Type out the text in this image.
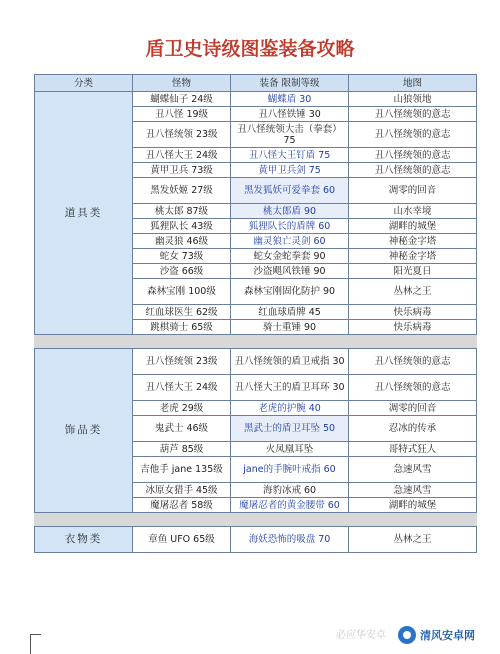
盾卫史诗级图鉴装备攻略
分类	怪物	装备 限制等级	地图
道具类	蝴蝶仙子 24级	蝴蝶盾 30	山狼领地
	丑八怪 19级	丑八怪铁锤 30	丑八怪统领的意志
	丑八怪统领 23级	丑八怪统领大击（拳套）75	丑八怪统领的意志
	丑八怪大王 24级	丑八怪大王钉盾 75	丑八怪统领的意志
	黄甲卫兵 73级	黄甲卫兵剑 75	丑八怪统领的意志
	黑发妖姬 27级	黑发狐妖可爱拳套 60	凋零的回音
	桃太郎 87级	桃太郎盾 90	山水幸境
	狐狸队长 43级	狐狸队长的盾牌 60	湖畔的城堡
	幽灵狼 46级	幽灵狼亡灵剑 60	神秘金字塔
	蛇女 73级	蛇女金蛇拳套 90	神秘金字塔
	沙盗 66级	沙盗飓风铁锤 90	阳光夏日
	森林宝刚 100级	森林宝刚固化防护 90	丛林之王
	红血球医生 62级	红血球盾牌 45	快乐病毒
	跳棋骑士 65级	骑士重锤 90	快乐病毒

饰品类	丑八怪统领 23级	丑八怪统领的盾卫戒指 30	丑八怪统领的意志
	丑八怪大王 24级	丑八怪大王的盾卫耳环 30	丑八怪统领的意志
	老虎 29级	老虎的护腕 40	凋零的回音
	鬼武士 46级	黑武士的盾卫耳坠 50	忍冰的传承
	葫芦 85级	火凤凰耳坠	哥特式狂人
	吉他手 jane 135级	jane的手腕叶戒指 60	急速风雪
	冰原女猎手 45级	海豹冰戒 60	急速风雪
	魔屠忍者 58级	魔屠忍者的黄金腰带 60	湖畔的城堡

衣物类	章鱼 UFO 65级	海妖恐怖的吸盘 70	丛林之王
必应华安卓	清风安卓网
